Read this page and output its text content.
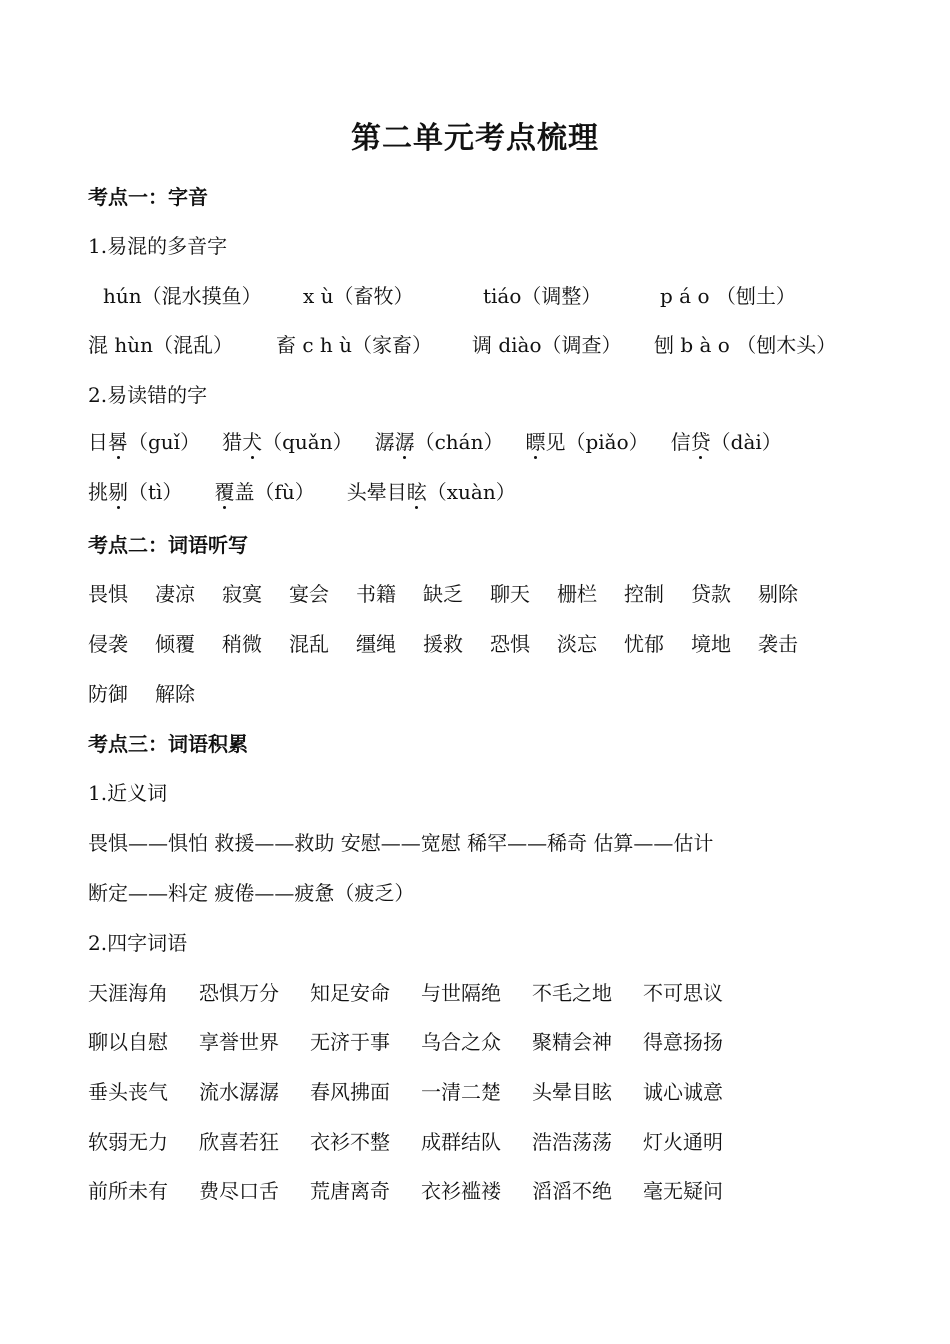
第二单元考点梳理
考点一：字音
1.易混的多音字
hún（混水摸鱼） x ù（畜牧）	tiáo（调整）	p á o （刨土）
混 hùn（混乱） 畜 c h ù（家畜） 调 diào（调查） 刨 b à o （刨木头）
2.易读错的字
日晷（guǐ） 猎犬（quǎn） 潺潺（chán） 瞟见（piǎo） 信贷（dài）
挑剔（tì） 覆盖（fù） 头晕目眩（xuàn）
考点二：词语听写
畏惧 凄凉 寂寞 宴会 书籍 缺乏 聊天 栅栏 控制 贷款 剔除
侵袭 倾覆 稍微 混乱 缰绳 援救 恐惧 淡忘 忧郁 境地 袭击
防御 解除
考点三：词语积累
1.近义词
畏惧——惧怕 救援——救助 安慰——宽慰 稀罕——稀奇 估算——估计
断定——料定 疲倦——疲惫（疲乏）
2.四字词语
天涯海角 恐惧万分 知足安命 与世隔绝 不毛之地 不可思议
聊以自慰 享誉世界 无济于事 乌合之众 聚精会神 得意扬扬
垂头丧气 流水潺潺 春风拂面 一清二楚 头晕目眩 诚心诚意
软弱无力 欣喜若狂 衣衫不整 成群结队 浩浩荡荡 灯火通明
前所未有 费尽口舌 荒唐离奇 衣衫褴褛 滔滔不绝 毫无疑问
